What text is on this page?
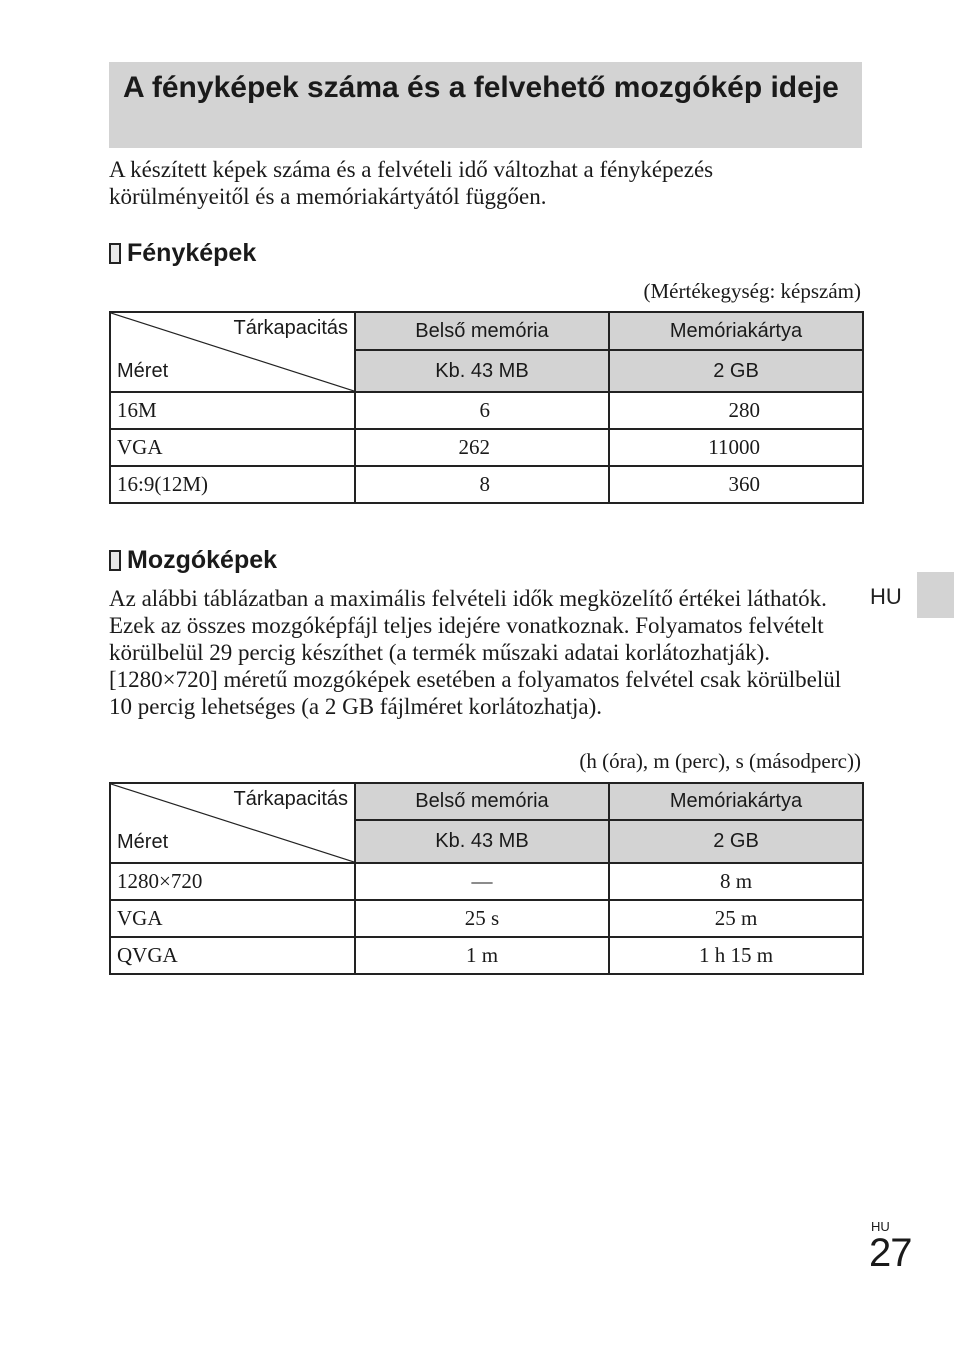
A fényképek száma és a felvehető mozgókép ideje

A készített képek száma és a felvételi idő változhat a fényképezés körülményeitől és a memóriakártyától függően.

Fényképek
(Mértékegység: képszám)
Tárkapacitás
Méret	Belső memória	Memóriakártya
	Kb. 43 MB	2 GB
16M	6	280
VGA	262	11000
16:9(12M)	8	360
Mozgóképek

Az alábbi táblázatban a maximális felvételi idők megközelítő értékei láthatók. Ezek az összes mozgóképfájl teljes idejére vonatkoznak. Folyamatos felvételt körülbelül 29 percig készíthet (a termék műszaki adatai korlátozhatják). [1280×720] méretű mozgóképek esetében a folyamatos felvétel csak körülbelül 10 percig lehetséges (a 2 GB fájlméret korlátozhatja).

(h (óra), m (perc), s (másodperc))
Tárkapacitás
Méret	Belső memória	Memóriakártya
	Kb. 43 MB	2 GB
1280×720	—	8 m
VGA	25 s	25 m
QVGA	1 m	1 h 15 m
HU
HU
27
